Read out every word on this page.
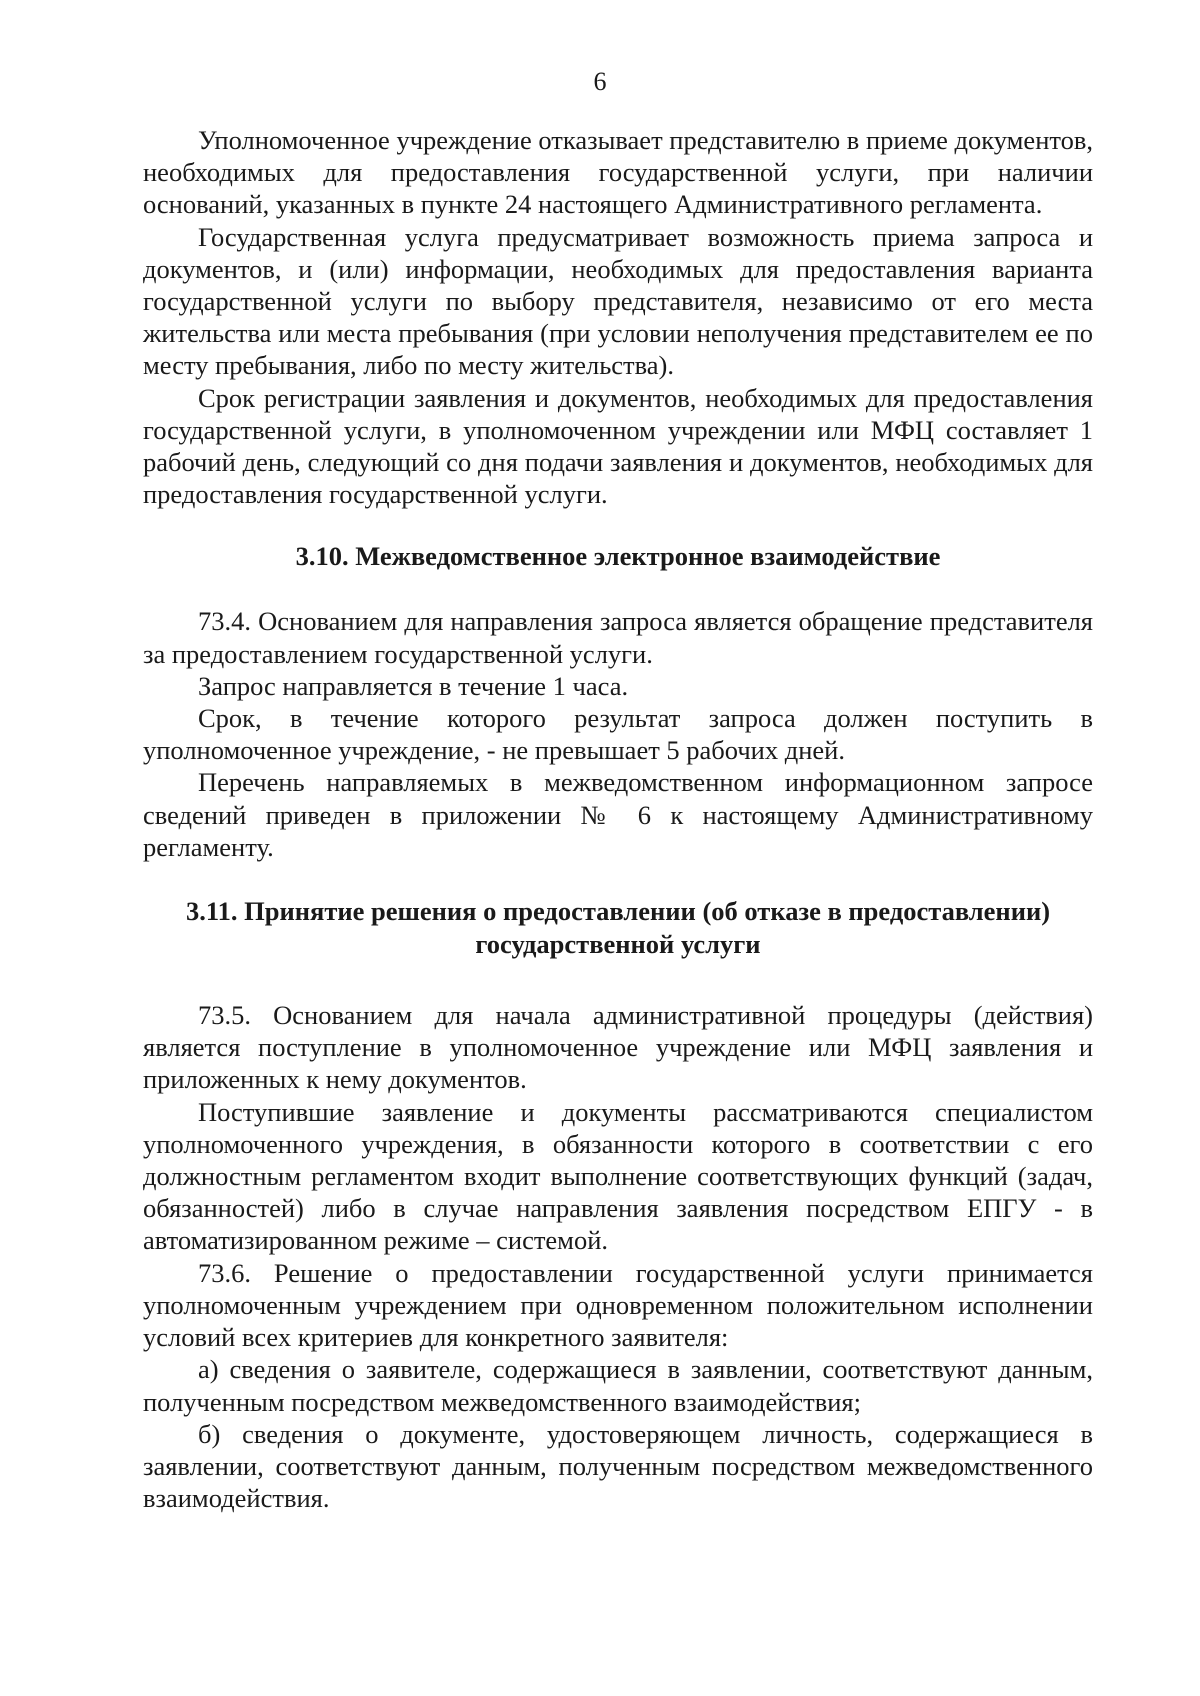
6

Уполномоченное учреждение отказывает представителю в приеме документов, необходимых для предоставления государственной услуги, при наличии оснований, указанных в пункте 24 настоящего Административного регламента.

Государственная услуга предусматривает возможность приема запроса и документов, и (или) информации, необходимых для предоставления варианта государственной услуги по выбору представителя, независимо от его места жительства или места пребывания (при условии неполучения представителем ее по месту пребывания, либо по месту жительства).

Срок регистрации заявления и документов, необходимых для предоставления государственной услуги, в уполномоченном учреждении или МФЦ составляет 1 рабочий день, следующий со дня подачи заявления и документов, необходимых для предоставления государственной услуги.

3.10. Межведомственное электронное взаимодействие

73.4. Основанием для направления запроса является обращение представителя за предоставлением государственной услуги.

Запрос направляется в течение 1 часа.

Срок, в течение которого результат запроса должен поступить в уполномоченное учреждение, - не превышает 5 рабочих дней.

Перечень направляемых в межведомственном информационном запросе сведений приведен в приложении № 6 к настоящему Административному регламенту.

3.11. Принятие решения о предоставлении (об отказе в предоставлении)
государственной услуги

73.5. Основанием для начала административной процедуры (действия) является поступление в уполномоченное учреждение или МФЦ заявления и приложенных к нему документов.

Поступившие заявление и документы рассматриваются специалистом уполномоченного учреждения, в обязанности которого в соответствии с его должностным регламентом входит выполнение соответствующих функций (задач, обязанностей) либо в случае направления заявления посредством ЕПГУ - в автоматизированном режиме – системой.

73.6. Решение о предоставлении государственной услуги принимается уполномоченным учреждением при одновременном положительном исполнении условий всех критериев для конкретного заявителя:

а) сведения о заявителе, содержащиеся в заявлении, соответствуют данным, полученным посредством межведомственного взаимодействия;

б) сведения о документе, удостоверяющем личность, содержащиеся в заявлении, соответствуют данным, полученным посредством межведомственного взаимодействия.
